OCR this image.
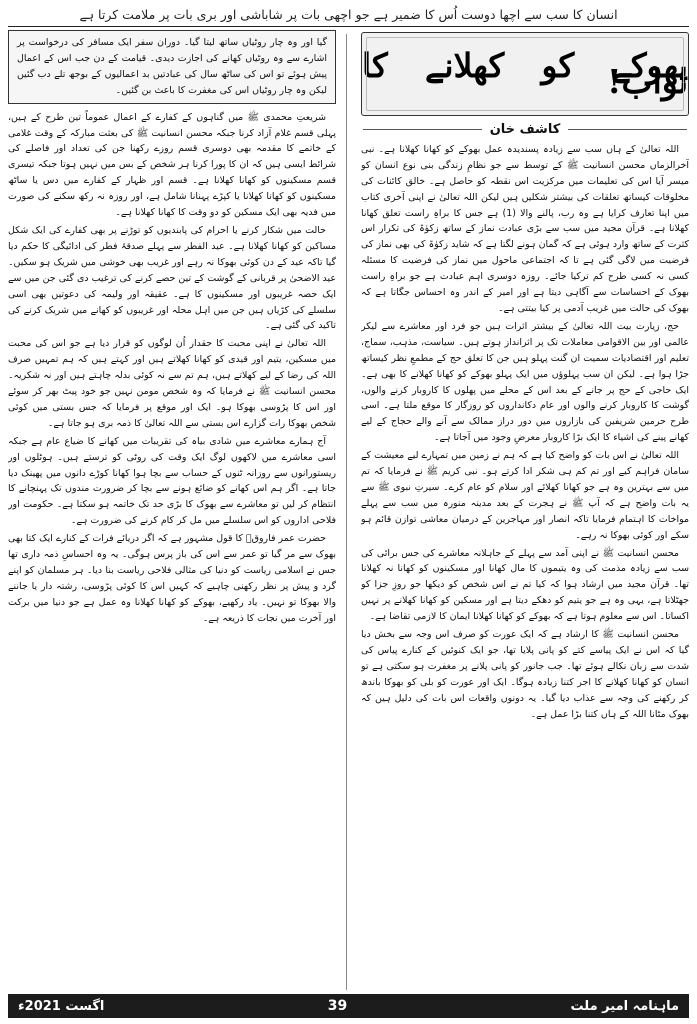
انسان کا سب سے اچھا دوست اُس کا ضمیر ہے جو اچھی بات پر شاباشی اور بری بات پر ملامت کرتا ہے
بھوکے کو کھلانے کا ثواب!
کاشف خان

اللہ تعالیٰ کے ہاں سب سے زیادہ پسندیدہ عمل بھوکے کو کھانا کھلانا ہے۔ نبی آخرالزماں محسن انسانیت ﷺ کے توسط سے جو نظامِ زندگی بنی نوع انسان کو میسر آیا اس کی تعلیمات میں مرکزیت اس نقطہ کو حاصل ہے۔ خالق کائنات کی مخلوقات کیساتھ تعلقات کی بیشتر شکلیں ہیں لیکن اللہ تعالیٰ نے اپنی آخری کتاب میں اپنا تعارف کرایا ہے وہ رب، پالنے والا (1) ہے جس کا براہِ راست تعلق کھانا کھلانا ہے۔ قرآن مجید میں سب سے بڑی عبادت نماز کے ساتھ زکوٰۃ کی تکرار اس کثرت کے ساتھ وارد ہوئی ہے کہ گمان ہونے لگتا ہے کہ شاید زکوٰۃ کی بھی نماز کی فرضیت میں لاگی گئی ہے تا کہ اجتماعی ماحول میں نماز کی فرضیت کا مسئلہ کسی نہ کسی طرح کم ترکیا جائے۔ روزہ دوسری اہم عبادت ہے جو براہِ راست بھوک کے احساسات سے آگاہی دیتا ہے اور امیر کے اندر وہ احساس جگاتا ہے کہ بھوک کی حالت میں غریب آدمی پر کیا بیتتی ہے۔

حج، زیارت بیت اللہ تعالیٰ کے بیشتر اثرات ہیں جو فرد اور معاشرے سے لیکر عالمی اور بین الاقوامی معاملات تک پر اثرانداز ہوتے ہیں۔ سیاست، مذہب، سماج، تعلیم اور اقتصادیات سمیت ان گنت پہلو ہیں جن کا تعلق حج کے مطمعِ نظر کیساتھ جڑا ہوا ہے۔ لیکن ان سب پہلوؤں میں ایک پہلو بھوکے کو کھانا کھلانے کا بھی ہے۔ ایک حاجی کے حج پر جانے کے بعد اس کے محلے میں پھلوں کا کاروبار کرنے والوں، گوشت کا کاروبار کرنے والوں اور عام دکانداروں کو روزگار کا موقع ملتا ہے۔ اسی طرح حرمین شریفین کی بازاروں میں دور دراز ممالک سے آنے والے حجاج کے لیے کھانے پینے کی اشیاء کا ایک بڑا کاروبار معرضِ وجود میں آجاتا ہے۔

اللہ تعالیٰ نے اس بات کو واضح کیا ہے کہ ہم نے زمین میں تمہارے لیے معیشت کے سامان فراہم کیے اور تم کم ہی شکر ادا کرتے ہو۔ نبی کریم ﷺ نے فرمایا کہ تم میں سے بہترین وہ ہے جو کھانا کھلائے اور سلام کو عام کرے۔ سیرتِ نبوی ﷺ سے یہ بات واضح ہے کہ آپ ﷺ نے ہجرت کے بعد مدینہ منورہ میں سب سے پہلے مواخات کا اہتمام فرمایا تاکہ انصار اور مہاجرین کے درمیان معاشی توازن قائم ہو سکے اور کوئی بھوکا نہ رہے۔

محسن انسانیت ﷺ نے اپنی آمد سے پہلے کے جاہلانہ معاشرے کی جس برائی کی سب سے زیادہ مذمت کی وہ یتیموں کا مال کھانا اور مسکینوں کو کھانا نہ کھلانا تھا۔ قرآن مجید میں ارشاد ہوا کہ کیا تم نے اس شخص کو دیکھا جو روزِ جزا کو جھٹلاتا ہے، یہی وہ ہے جو یتیم کو دھکے دیتا ہے اور مسکین کو کھانا کھلانے پر نہیں اکساتا۔ اس سے معلوم ہوتا ہے کہ بھوکے کو کھانا کھلانا ایمان کا لازمی تقاضا ہے۔

محسن انسانیت ﷺ کا ارشاد ہے کہ ایک عورت کو صرف اس وجہ سے بخش دیا گیا کہ اس نے ایک پیاسے کتے کو پانی پلایا تھا، جو ایک کنوئیں کے کنارے پیاس کی شدت سے زبان نکالے ہوئے تھا۔ جب جانور کو پانی پلانے پر مغفرت ہو سکتی ہے تو انسان کو کھانا کھلانے کا اجر کتنا زیادہ ہوگا۔ ایک اور عورت کو بلی کو بھوکا باندھ کر رکھنے کی وجہ سے عذاب دیا گیا۔ یہ دونوں واقعات اس بات کی دلیل ہیں کہ بھوک مٹانا اللہ کے ہاں کتنا بڑا عمل ہے۔

گیا اور وہ چار روٹیاں ساتھ لیتا گیا۔ دوران سفر ایک مسافر کی درخواست پر اشارے سے وہ روٹیاں کھانے کی اجازت دیدی۔ قیامت کے دن جب اس کے اعمال پیش ہوئے تو اس کی ساٹھ سال کی عبادتیں بد اعمالیوں کے بوجھ تلے دب گئیں لیکن وہ چار روٹیاں اس کی مغفرت کا باعث بن گئیں۔

شریعتِ محمدی ﷺ میں گناہوں کے کفارے کے اعمال عموماً تین طرح کے ہیں، پہلی قسم غلام آزاد کرنا جبکہ محسن انسانیت ﷺ کی بعثت مبارکہ کے وقت غلامی کے خاتمے کا مقدمہ بھی دوسری قسم روزے رکھنا جن کی تعداد اور فاصلے کی شرائط ایسی ہیں کہ ان کا پورا کرنا ہر شخص کے بس میں نہیں ہوتا جبکہ تیسری قسم مسکینوں کو کھانا کھلانا ہے۔ قسم اور ظہار کے کفارے میں دس یا ساٹھ مسکینوں کو کھانا کھلانا یا کپڑے پہنانا شامل ہے، اور روزہ نہ رکھ سکنے کی صورت میں فدیہ بھی ایک مسکین کو دو وقت کا کھانا کھلانا ہے۔

حالت میں شکار کرنے یا احرام کی پابندیوں کو توڑنے پر بھی کفارے کی ایک شکل مساکین کو کھانا کھلانا ہے۔ عید الفطر سے پہلے صدقۂ فطر کی ادائیگی کا حکم دیا گیا تاکہ عید کے دن کوئی بھوکا نہ رہے اور غریب بھی خوشی میں شریک ہو سکیں۔ عید الاضحیٰ پر قربانی کے گوشت کے تین حصے کرنے کی ترغیب دی گئی جن میں سے ایک حصہ غریبوں اور مسکینوں کا ہے۔ عقیقہ اور ولیمہ کی دعوتیں بھی اسی سلسلے کی کڑیاں ہیں جن میں اہل محلہ اور غریبوں کو کھانے میں شریک کرنے کی تاکید کی گئی ہے۔

اللہ تعالیٰ نے اپنی محبت کا حقدار اُن لوگوں کو قرار دیا ہے جو اس کی محبت میں مسکین، یتیم اور قیدی کو کھانا کھلاتے ہیں اور کہتے ہیں کہ ہم تمہیں صرف اللہ کی رضا کے لیے کھلاتے ہیں، ہم تم سے نہ کوئی بدلہ چاہتے ہیں اور نہ شکریہ۔ محسن انسانیت ﷺ نے فرمایا کہ وہ شخص مومن نہیں جو خود پیٹ بھر کر سوئے اور اس کا پڑوسی بھوکا ہو۔ ایک اور موقع پر فرمایا کہ جس بستی میں کوئی شخص بھوکا رات گزارے اس بستی سے اللہ تعالیٰ کا ذمہ بری ہو جاتا ہے۔

آج ہمارے معاشرے میں شادی بیاہ کی تقریبات میں کھانے کا ضیاع عام ہے جبکہ اسی معاشرے میں لاکھوں لوگ ایک وقت کی روٹی کو ترستے ہیں۔ ہوٹلوں اور ریستورانوں سے روزانہ ٹنوں کے حساب سے بچا ہوا کھانا کوڑے دانوں میں پھینک دیا جاتا ہے۔ اگر ہم اس کھانے کو ضائع ہونے سے بچا کر ضرورت مندوں تک پہنچانے کا انتظام کر لیں تو معاشرے سے بھوک کا بڑی حد تک خاتمہ ہو سکتا ہے۔ حکومت اور فلاحی اداروں کو اس سلسلے میں مل کر کام کرنے کی ضرورت ہے۔

حضرت عمر فاروقؓ کا قول مشہور ہے کہ اگر دریائے فرات کے کنارے ایک کتا بھی بھوک سے مر گیا تو عمر سے اس کی باز پرس ہوگی۔ یہ وہ احساسِ ذمہ داری تھا جس نے اسلامی ریاست کو دنیا کی مثالی فلاحی ریاست بنا دیا۔ ہر مسلمان کو اپنے گرد و پیش پر نظر رکھنی چاہیے کہ کہیں اس کا کوئی پڑوسی، رشتہ دار یا جاننے والا بھوکا تو نہیں۔ یاد رکھیے، بھوکے کو کھانا کھلانا وہ عمل ہے جو دنیا میں برکت اور آخرت میں نجات کا ذریعہ ہے۔

اگست 2021ء	39	ماہنامہ امیر ملت
